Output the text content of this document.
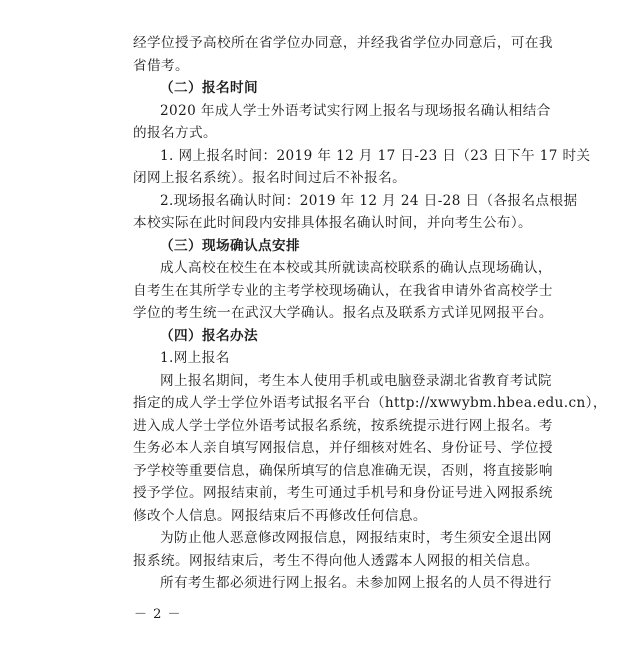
经学位授予高校所在省学位办同意，并经我省学位办同意后，可在我
省借考。
（二）报名时间
2020 年成人学士外语考试实行网上报名与现场报名确认相结合
的报名方式。
1. 网上报名时间：2019 年 12 月 17 日-23 日（23 日下午 17 时关
闭网上报名系统）。报名时间过后不补报名。
2.现场报名确认时间：2019 年 12 月 24 日-28 日（各报名点根据
本校实际在此时间段内安排具体报名确认时间，并向考生公布）。
（三）现场确认点安排
成人高校在校生在本校或其所就读高校联系的确认点现场确认，
自考生在其所学专业的主考学校现场确认，在我省申请外省高校学士
学位的考生统一在武汉大学确认。报名点及联系方式详见网报平台。
（四）报名办法
1.网上报名
网上报名期间，考生本人使用手机或电脑登录湖北省教育考试院
指定的成人学士学位外语考试报名平台（http://xwwybm.hbea.edu.cn），
进入成人学士学位外语考试报名系统，按系统提示进行网上报名。考
生务必本人亲自填写网报信息，并仔细核对姓名、身份证号、学位授
予学校等重要信息，确保所填写的信息准确无误，否则，将直接影响
授予学位。网报结束前，考生可通过手机号和身份证号进入网报系统
修改个人信息。网报结束后不再修改任何信息。
为防止他人恶意修改网报信息，网报结束时，考生须安全退出网
报系统。网报结束后，考生不得向他人透露本人网报的相关信息。
所有考生都必须进行网上报名。未参加网上报名的人员不得进行
－ 2 －
